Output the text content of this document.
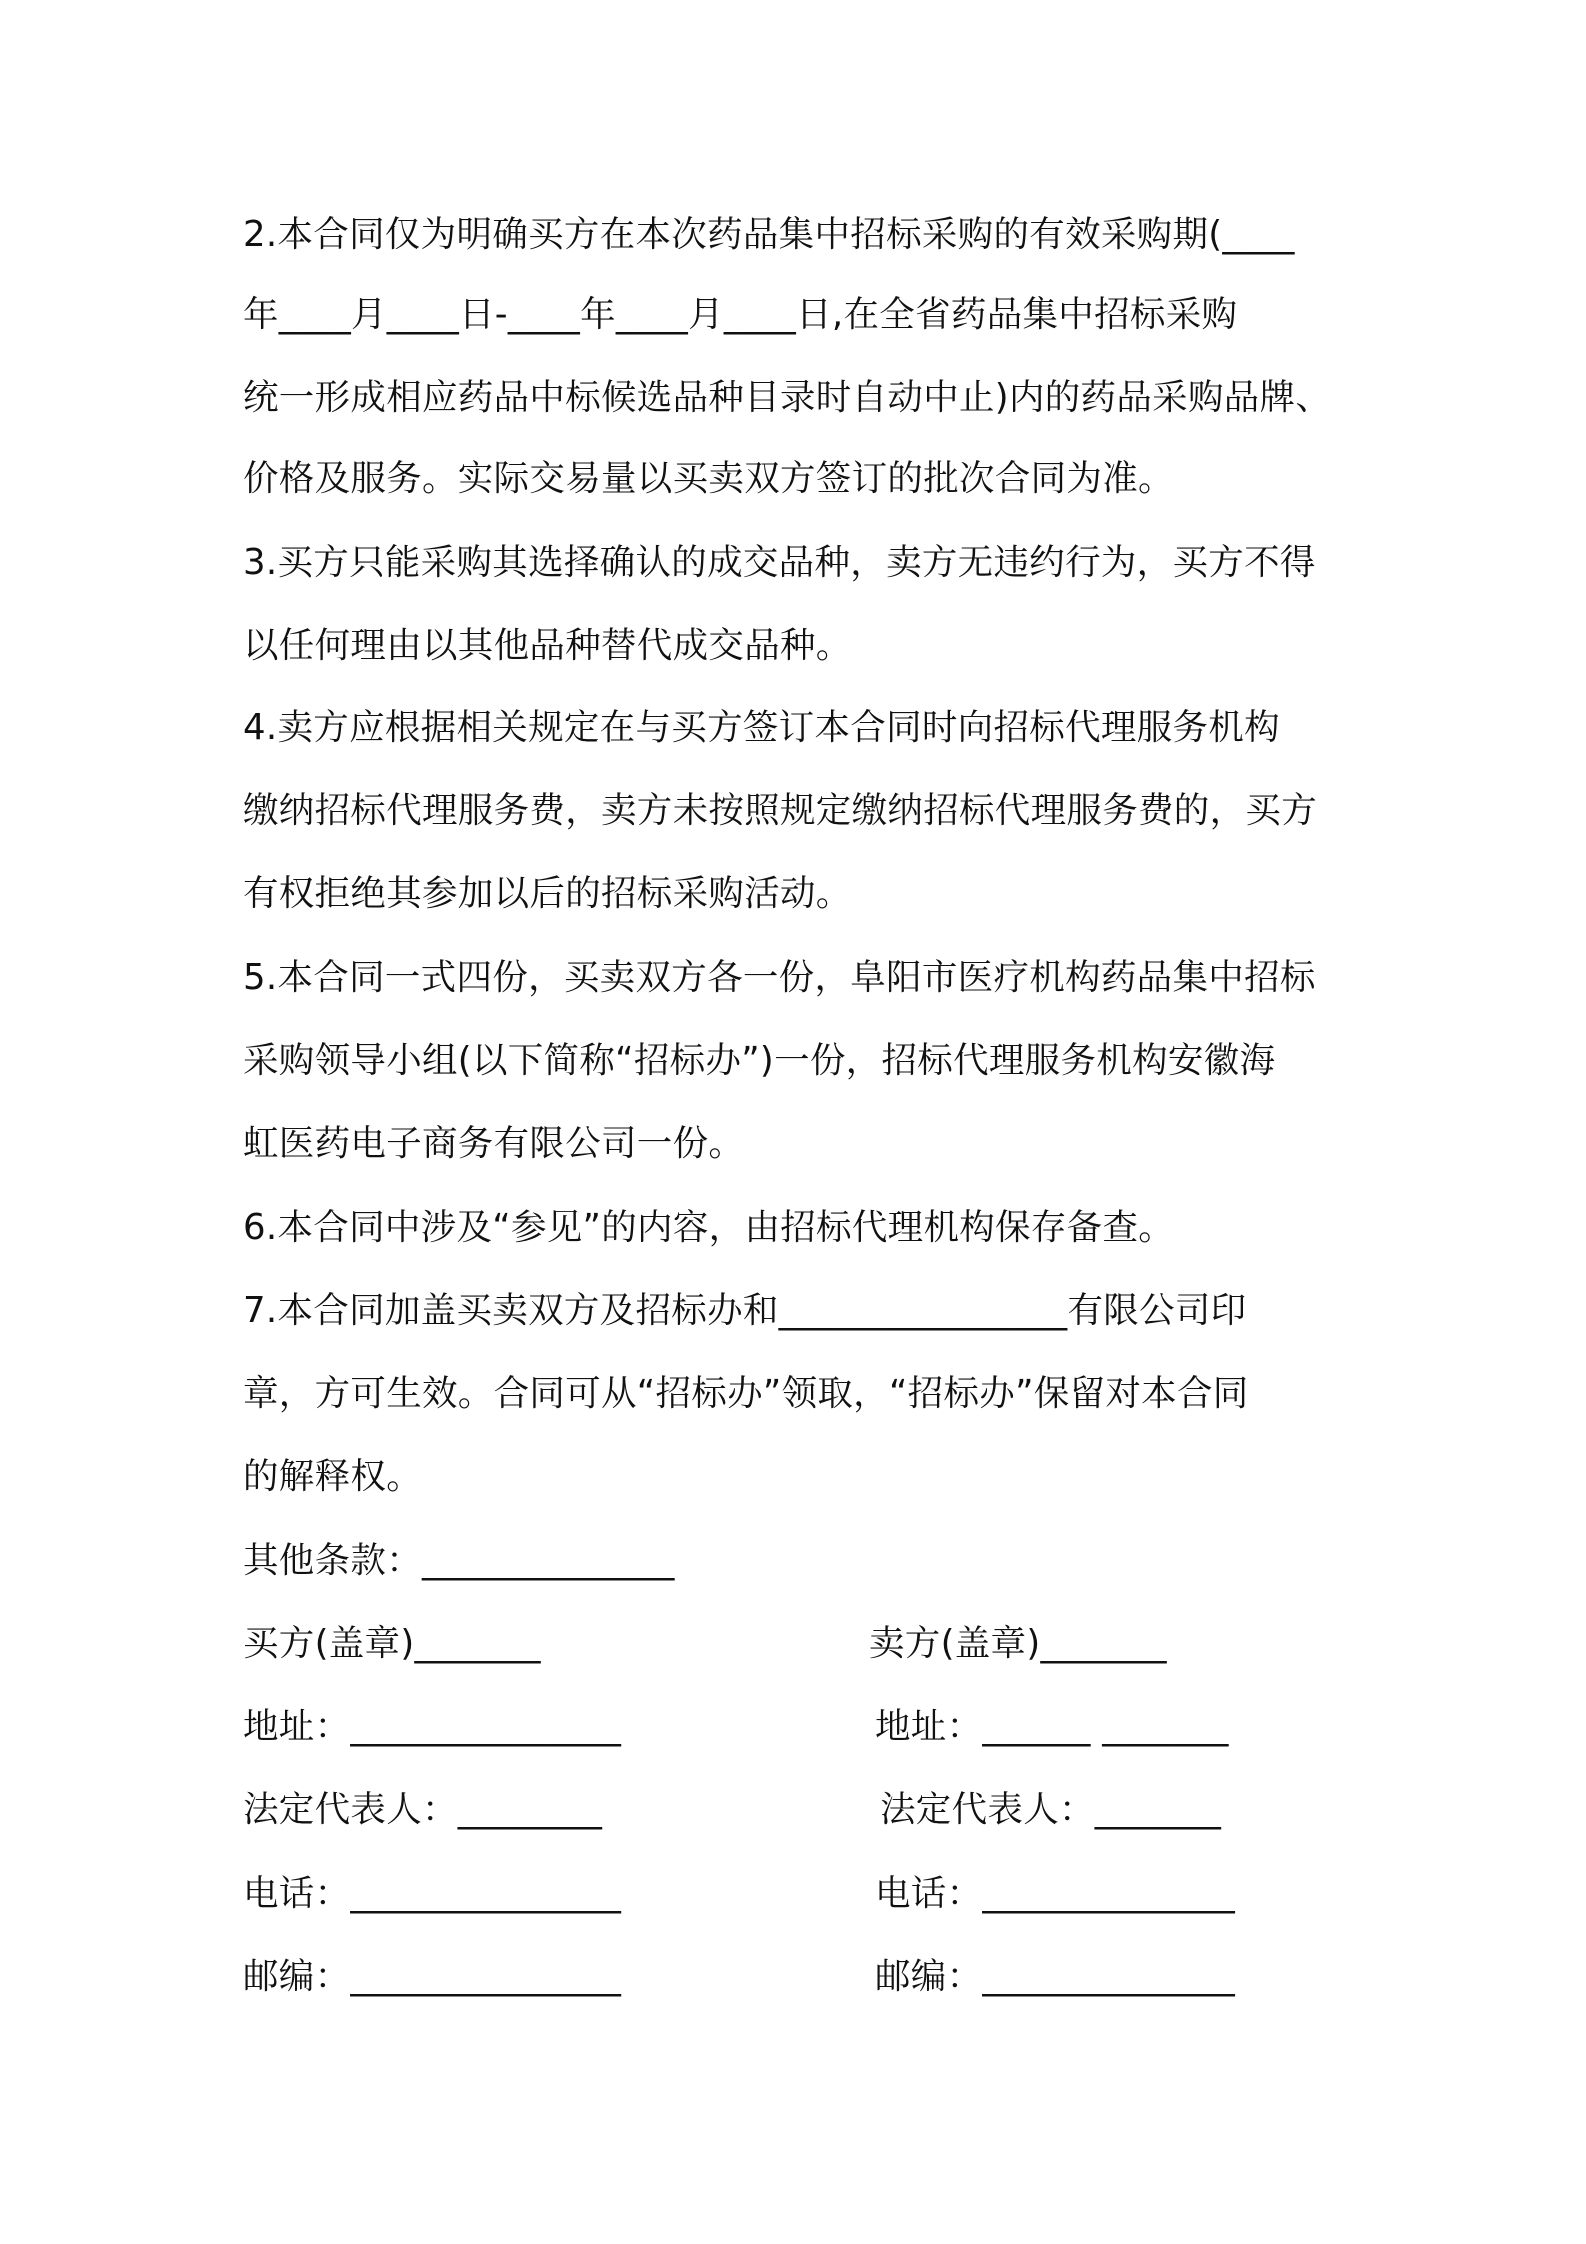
2.本合同仅为明确买方在本次药品集中招标采购的有效采购期(____
年____月____日-____年____月____日,在全省药品集中招标采购
统一形成相应药品中标候选品种目录时自动中止)内的药品采购品牌、
价格及服务。实际交易量以买卖双方签订的批次合同为准。
3.买方只能采购其选择确认的成交品种，卖方无违约行为，买方不得
以任何理由以其他品种替代成交品种。
4.卖方应根据相关规定在与买方签订本合同时向招标代理服务机构
缴纳招标代理服务费，卖方未按照规定缴纳招标代理服务费的，买方
有权拒绝其参加以后的招标采购活动。
5.本合同一式四份，买卖双方各一份，阜阳市医疗机构药品集中招标
采购领导小组(以下简称“招标办”)一份，招标代理服务机构安徽海
虹医药电子商务有限公司一份。
6.本合同中涉及“参见”的内容，由招标代理机构保存备查。
7.本合同加盖买卖双方及招标办和________________有限公司印
章，方可生效。合同可从“招标办”领取，“招标办”保留对本合同
的解释权。
其他条款：______________
买方(盖章)_______
地址：_______________
法定代表人：________
电话：_______________
邮编：_______________
卖方(盖章)_______
地址：______ _______
法定代表人：_______
电话：______________
邮编：______________
